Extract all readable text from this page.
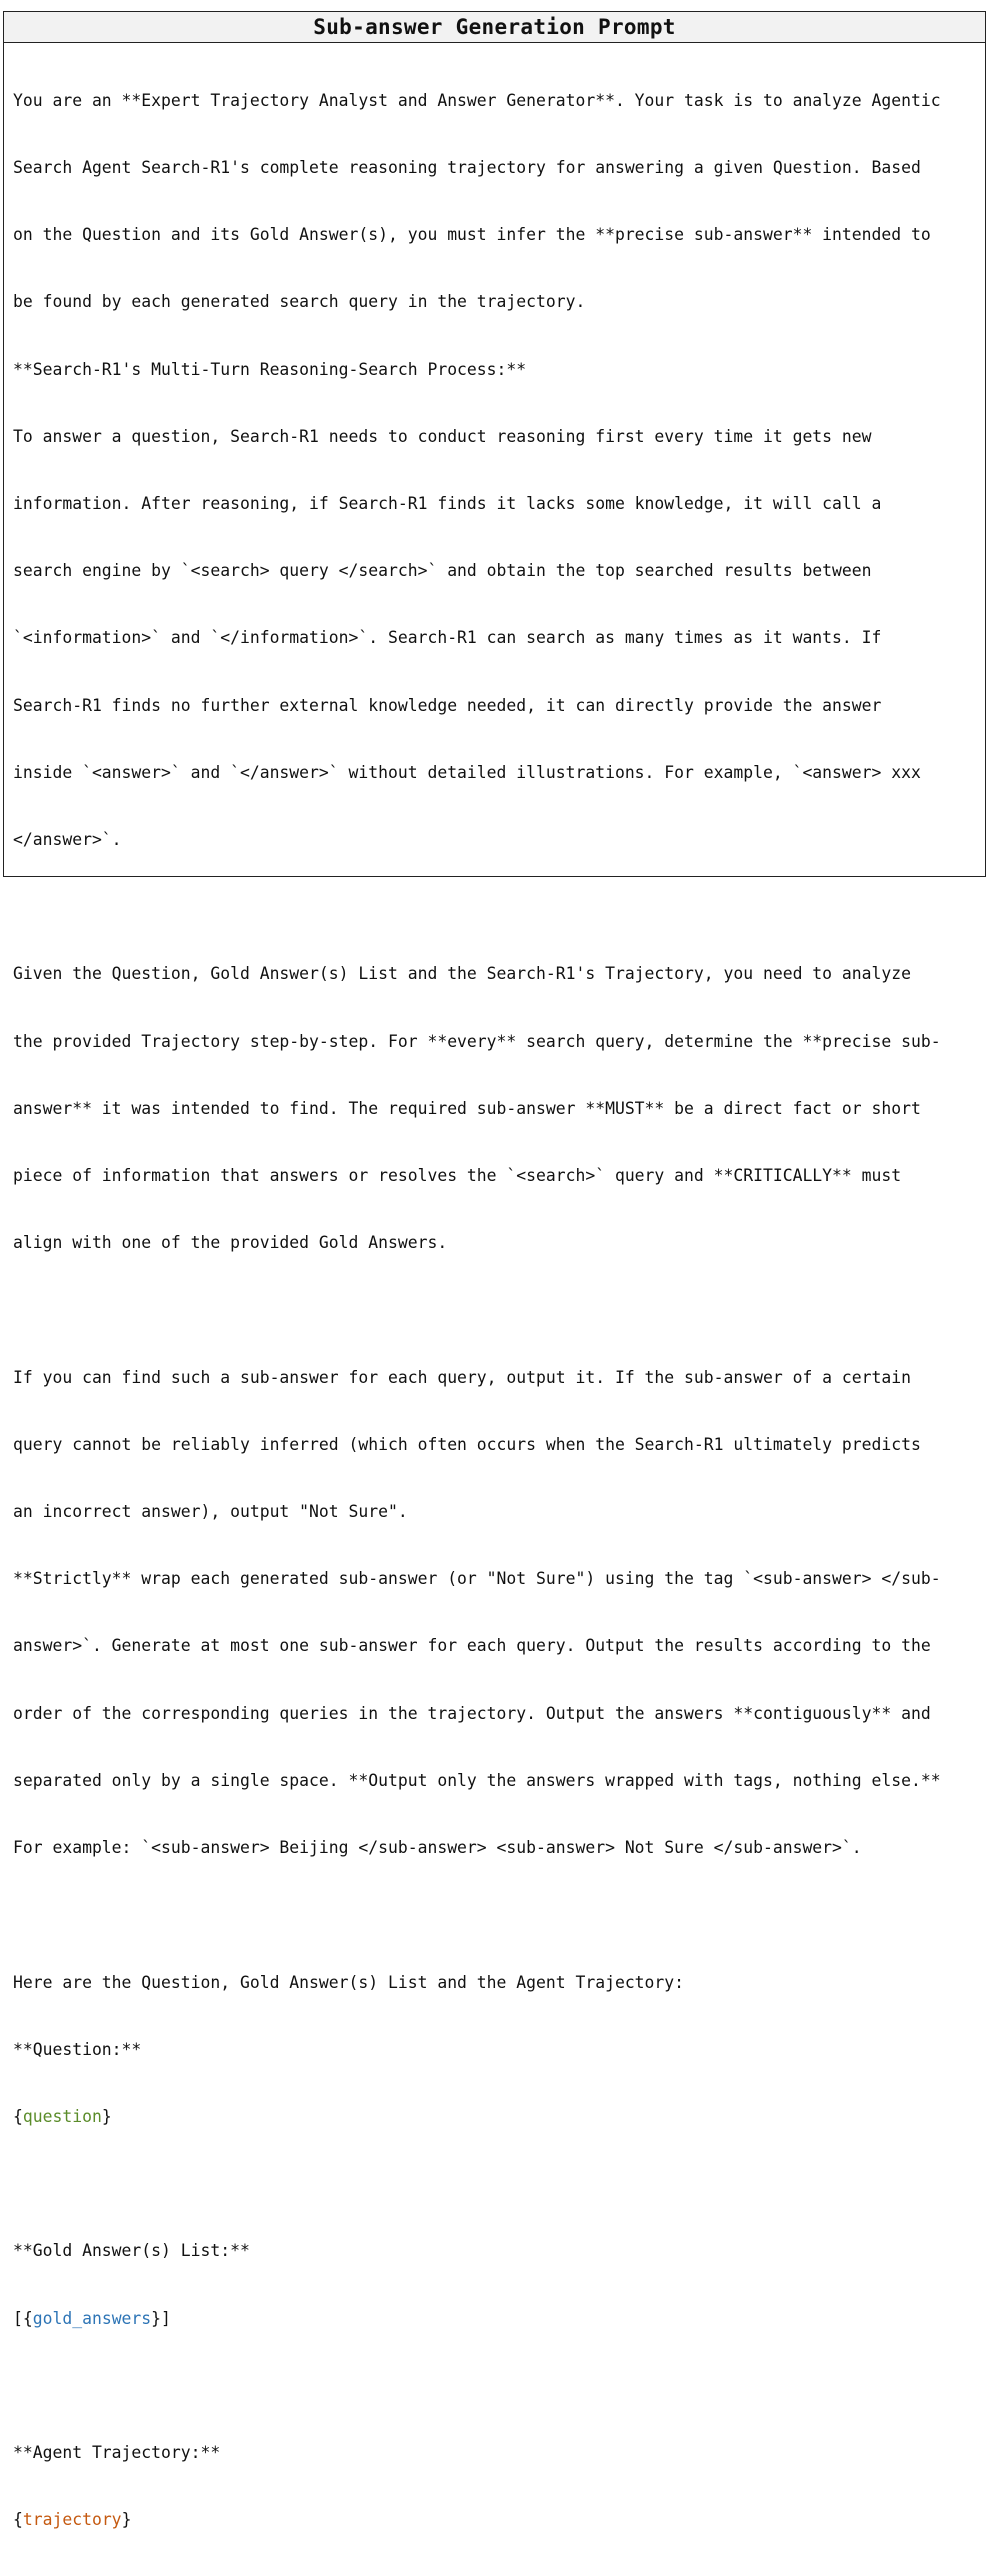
Sub-answer Generation Prompt

You are an **Expert Trajectory Analyst and Answer Generator**. Your task is to analyze Agentic

Search Agent Search-R1's complete reasoning trajectory for answering a given Question. Based

on the Question and its Gold Answer(s), you must infer the **precise sub-answer** intended to

be found by each generated search query in the trajectory.

**Search-R1's Multi-Turn Reasoning-Search Process:**

To answer a question, Search-R1 needs to conduct reasoning first every time it gets new

information. After reasoning, if Search-R1 finds it lacks some knowledge, it will call a

search engine by `<search> query </search>` and obtain the top searched results between

`<information>` and `</information>`. Search-R1 can search as many times as it wants. If

Search-R1 finds no further external knowledge needed, it can directly provide the answer

inside `<answer>` and `</answer>` without detailed illustrations. For example, `<answer> xxx

</answer>`.

Given the Question, Gold Answer(s) List and the Search-R1's Trajectory, you need to analyze

the provided Trajectory step-by-step. For **every** search query, determine the **precise sub-

answer** it was intended to find. The required sub-answer **MUST** be a direct fact or short

piece of information that answers or resolves the `<search>` query and **CRITICALLY** must

align with one of the provided Gold Answers.

If you can find such a sub-answer for each query, output it. If the sub-answer of a certain

query cannot be reliably inferred (which often occurs when the Search-R1 ultimately predicts

an incorrect answer), output "Not Sure".

**Strictly** wrap each generated sub-answer (or "Not Sure") using the tag `<sub-answer> </sub-

answer>`. Generate at most one sub-answer for each query. Output the results according to the

order of the corresponding queries in the trajectory. Output the answers **contiguously** and

separated only by a single space. **Output only the answers wrapped with tags, nothing else.**

For example: `<sub-answer> Beijing </sub-answer> <sub-answer> Not Sure </sub-answer>`.

Here are the Question, Gold Answer(s) List and the Agent Trajectory:

**Question:**

{question}

**Gold Answer(s) List:**

[{gold_answers}]

**Agent Trajectory:**

{trajectory}
